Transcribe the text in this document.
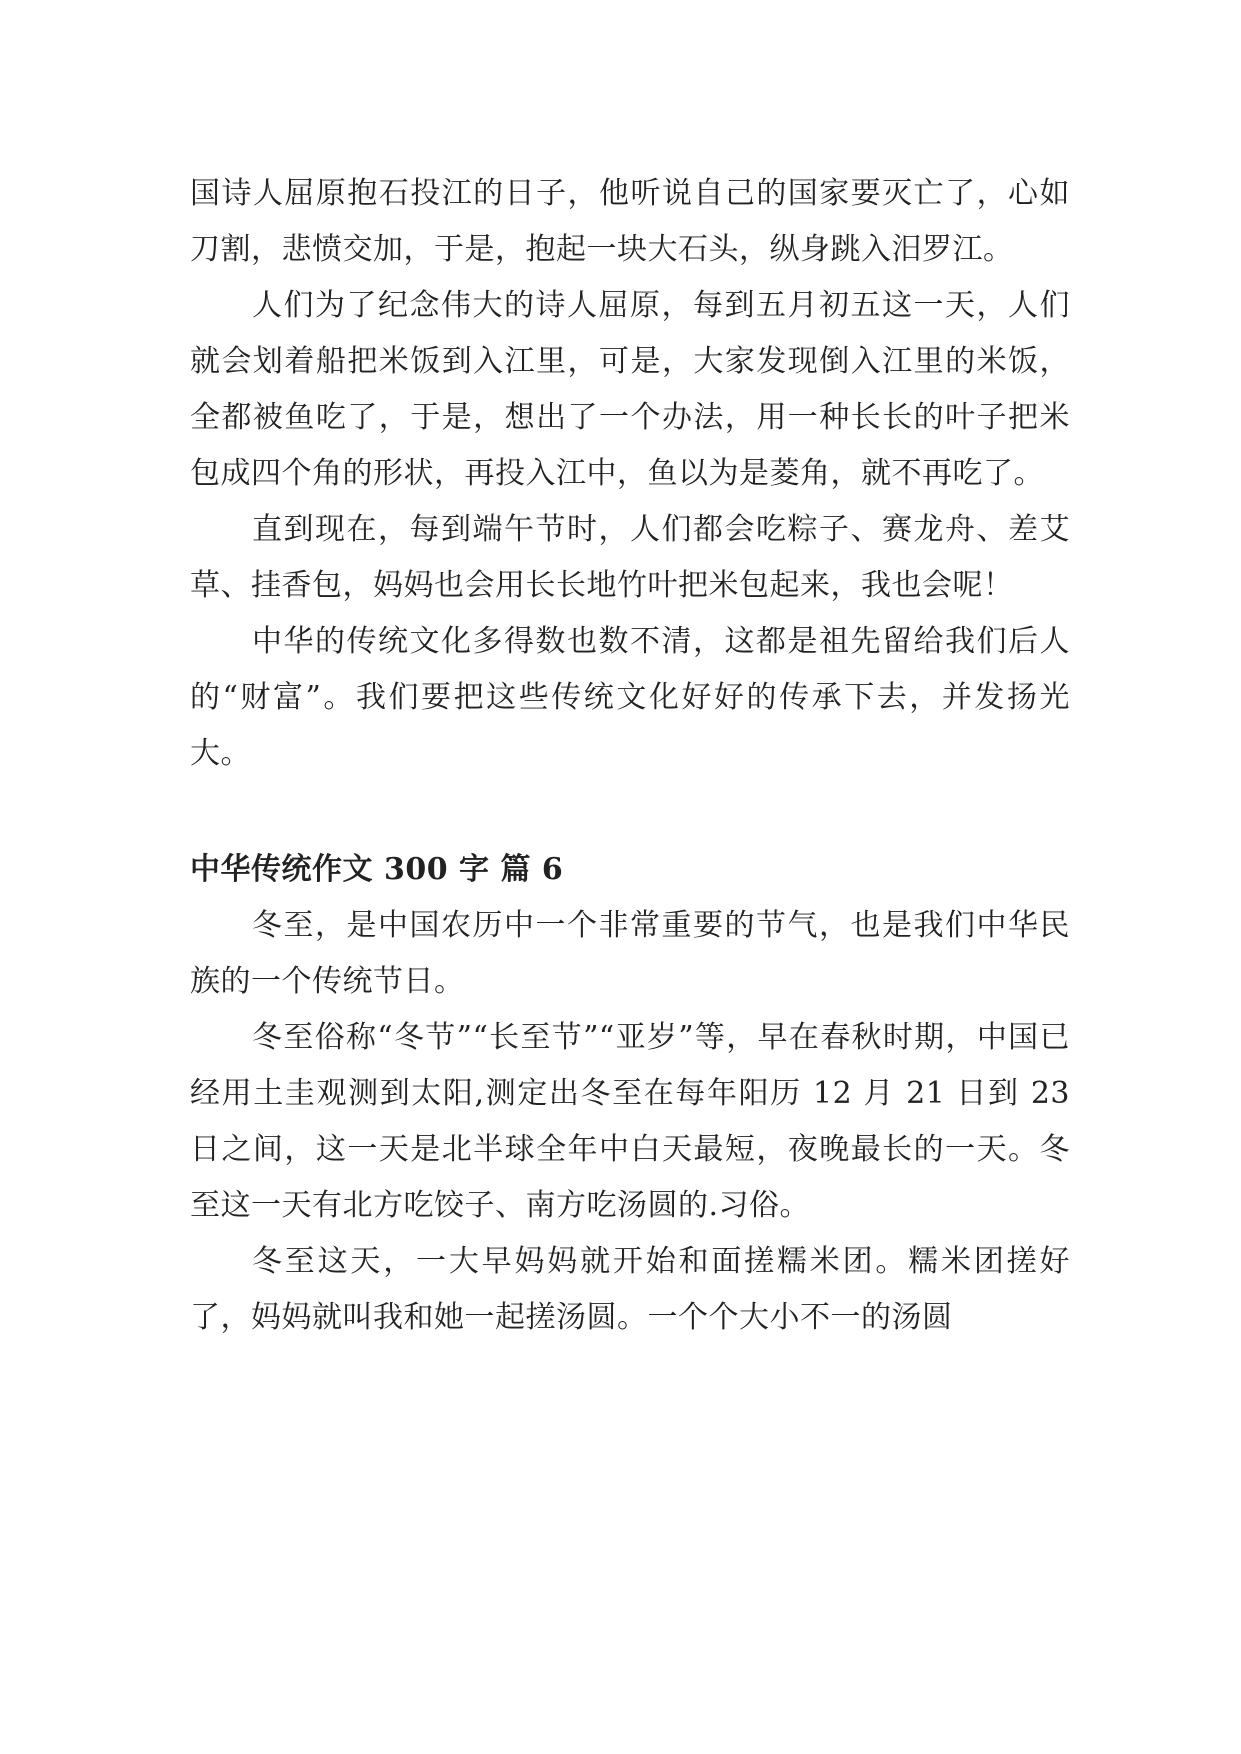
国诗人屈原抱石投江的日子，他听说自己的国家要灭亡了，心如刀割，悲愤交加，于是，抱起一块大石头，纵身跳入汨罗江。

人们为了纪念伟大的诗人屈原，每到五月初五这一天，人们就会划着船把米饭到入江里，可是，大家发现倒入江里的米饭，全都被鱼吃了，于是，想出了一个办法，用一种长长的叶子把米包成四个角的形状，再投入江中，鱼以为是菱角，就不再吃了。

直到现在，每到端午节时，人们都会吃粽子、赛龙舟、差艾草、挂香包，妈妈也会用长长地竹叶把米包起来，我也会呢！

中华的传统文化多得数也数不清，这都是祖先留给我们后人的“财富”。我们要把这些传统文化好好的传承下去，并发扬光大。

中华传统作文 300 字 篇 6

冬至，是中国农历中一个非常重要的节气，也是我们中华民族的一个传统节日。

冬至俗称“冬节”“长至节”“亚岁”等，早在春秋时期，中国已经用土圭观测到太阳,测定出冬至在每年阳历 12 月 21 日到 23 日之间，这一天是北半球全年中白天最短，夜晚最长的一天。冬至这一天有北方吃饺子、南方吃汤圆的.习俗。

冬至这天，一大早妈妈就开始和面搓糯米团。糯米团搓好了，妈妈就叫我和她一起搓汤圆。一个个大小不一的汤圆
